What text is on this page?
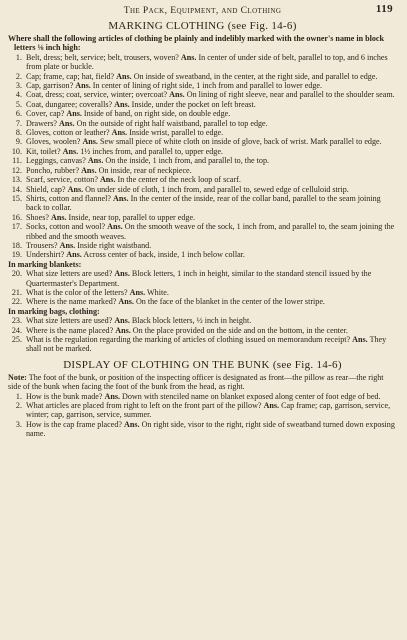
The Pack, Equipment, and Clothing	119
MARKING CLOTHING (see Fig. 14-6)

Where shall the following articles of clothing be plainly and indelibly marked with the owner's name in block letters ⅛ inch high:

1. Belt, dress; belt, service; belt, trousers, woven? Ans. In center of under side of belt, parallel to top, and 6 inches from plate or buckle.
2. Cap; frame, cap; hat, field? Ans. On inside of sweatband, in the center, at the right side, and parallel to edge.
3. Cap, garrison? Ans. In center of lining of right side, 1 inch from and parallel to lower edge.
4. Coat, dress; coat, service, winter; overcoat? Ans. On lining of right sleeve, near and parallel to the shoulder seam.
5. Coat, dungaree; coveralls? Ans. Inside, under the pocket on left breast.
6. Cover, cap? Ans. Inside of band, on right side, on double edge.
7. Drawers? Ans. On the outside of right half waistband, parallel to top edge.
8. Gloves, cotton or leather? Ans. Inside wrist, parallel to edge.
9. Gloves, woolen? Ans. Sew small piece of white cloth on inside of glove, back of wrist. Mark parallel to edge.
10. Kit, toilet? Ans. 1½ inches from, and parallel to, upper edge.
11. Leggings, canvas? Ans. On the inside, 1 inch from, and parallel to, the top.
12. Poncho, rubber? Ans. On inside, rear of neckpiece.
13. Scarf, service, cotton? Ans. In the center of the neck loop of scarf.
14. Shield, cap? Ans. On under side of cloth, 1 inch from, and parallel to, sewed edge of celluloid strip.
15. Shirts, cotton and flannel? Ans. In the center of the inside, rear of the collar band, parallel to the seam joining back to collar.
16. Shoes? Ans. Inside, near top, parallel to upper edge.
17. Socks, cotton and wool? Ans. On the smooth weave of the sock, 1 inch from, and parallel to, the seam joining the ribbed and the smooth weaves.
18. Trousers? Ans. Inside right waistband.
19. Undershirt? Ans. Across center of back, inside, 1 inch below collar.

In marking blankets:

20. What size letters are used? Ans. Block letters, 1 inch in height, similar to the standard stencil issued by the Quartermaster's Department.
21. What is the color of the letters? Ans. White.
22. Where is the name marked? Ans. On the face of the blanket in the center of the lower stripe.

In marking bags, clothing:

23. What size letters are used? Ans. Black block letters, ½ inch in height.
24. Where is the name placed? Ans. On the place provided on the side and on the bottom, in the center.
25. What is the regulation regarding the marking of articles of clothing issued on memorandum receipt? Ans. They shall not be marked.
DISPLAY OF CLOTHING ON THE BUNK (see Fig. 14-6)

Note: The foot of the bunk, or position of the inspecting officer is designated as front—the pillow as rear—the right side of the bunk when facing the foot of the bunk from the head, as right.

1. How is the bunk made? Ans. Down with stenciled name on blanket exposed along center of foot edge of bed.
2. What articles are placed from right to left on the front part of the pillow? Ans. Cap frame; cap, garrison, service, winter; cap, garrison, service, summer.
3. How is the cap frame placed? Ans. On right side, visor to the right, right side of sweatband turned down exposing name.
